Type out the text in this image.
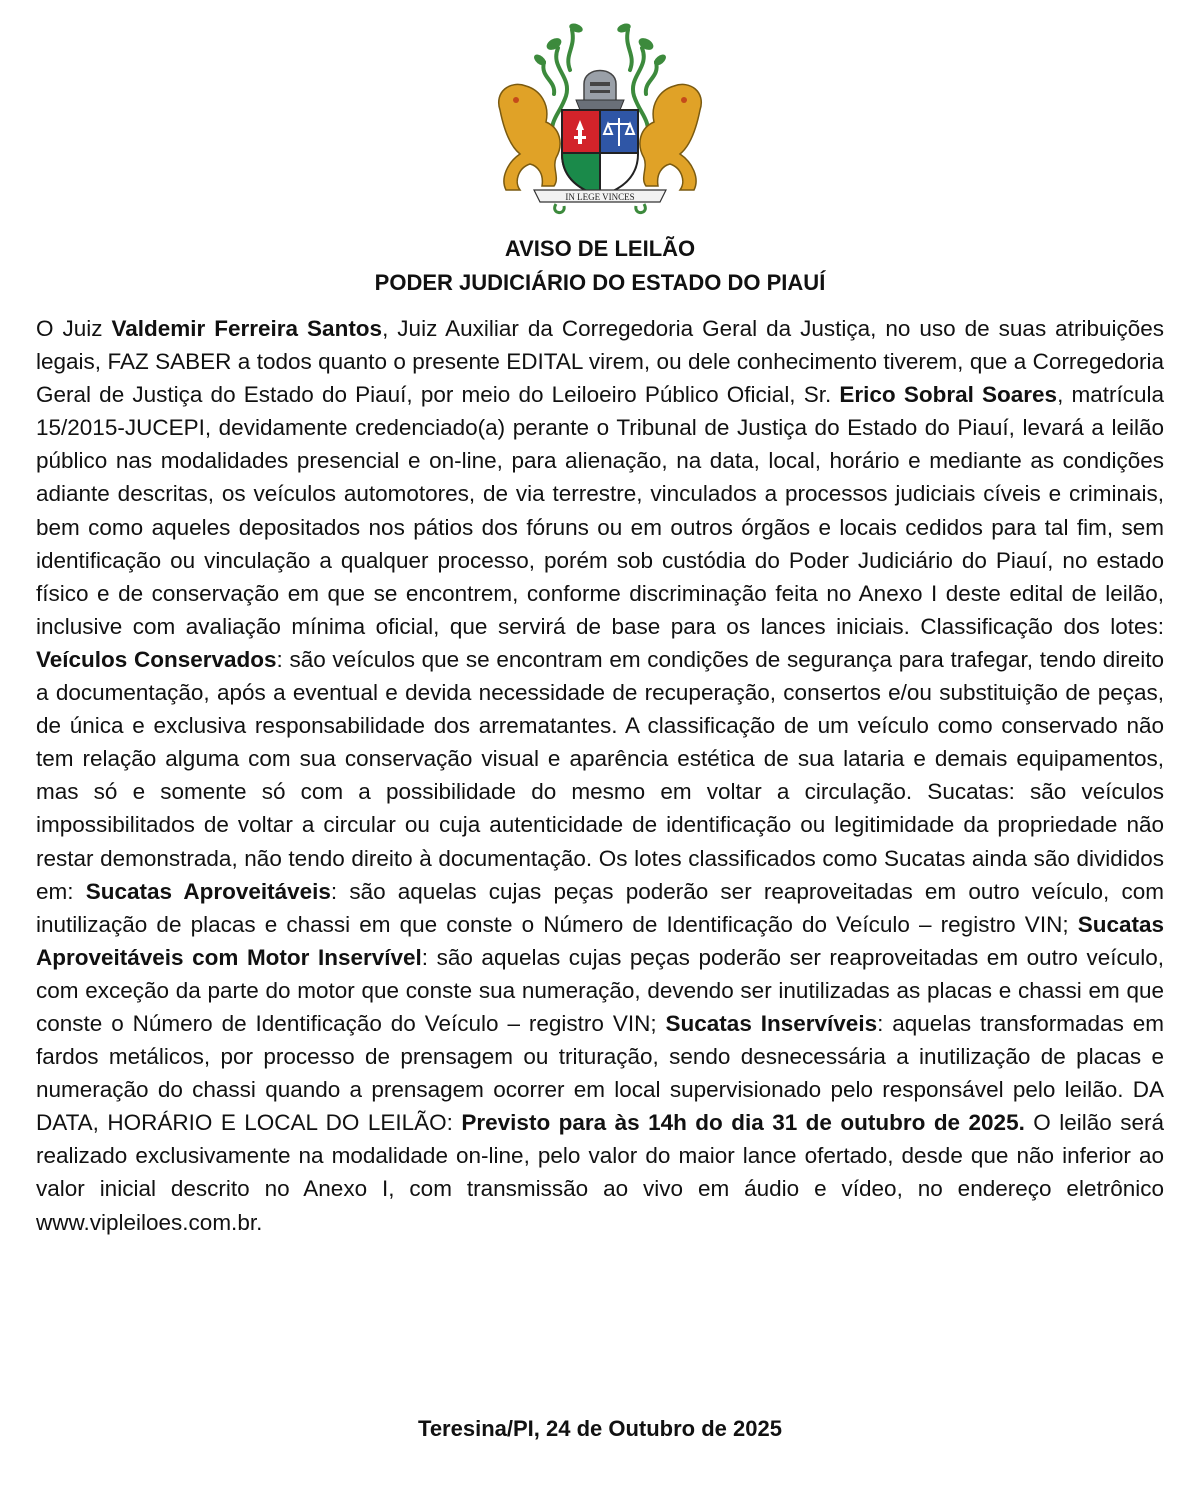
IN LEGE VINCES
AVISO DE LEILÃO
PODER JUDICIÁRIO DO ESTADO DO PIAUÍ
O Juiz Valdemir Ferreira Santos, Juiz Auxiliar da Corregedoria Geral da Justiça, no uso de suas atribuições legais, FAZ SABER a todos quanto o presente EDITAL virem, ou dele conhecimento tiverem, que a Corregedoria Geral de Justiça do Estado do Piauí, por meio do Leiloeiro Público Oficial, Sr. Erico Sobral Soares, matrícula 15/2015-JUCEPI, devidamente credenciado(a) perante o Tribunal de Justiça do Estado do Piauí, levará a leilão público nas modalidades presencial e on-line, para alienação, na data, local, horário e mediante as condições adiante descritas, os veículos automotores, de via terrestre, vinculados a processos judiciais cíveis e criminais, bem como aqueles depositados nos pátios dos fóruns ou em outros órgãos e locais cedidos para tal fim, sem identificação ou vinculação a qualquer processo, porém sob custódia do Poder Judiciário do Piauí, no estado físico e de conservação em que se encontrem, conforme discriminação feita no Anexo I deste edital de leilão, inclusive com avaliação mínima oficial, que servirá de base para os lances iniciais. Classificação dos lotes: Veículos Conservados: são veículos que se encontram em condições de segurança para trafegar, tendo direito a documentação, após a eventual e devida necessidade de recuperação, consertos e/ou substituição de peças, de única e exclusiva responsabilidade dos arrematantes. A classificação de um veículo como conservado não tem relação alguma com sua conservação visual e aparência estética de sua lataria e demais equipamentos, mas só e somente só com a possibilidade do mesmo em voltar a circulação. Sucatas: são veículos impossibilitados de voltar a circular ou cuja autenticidade de identificação ou legitimidade da propriedade não restar demonstrada, não tendo direito à documentação. Os lotes classificados como Sucatas ainda são divididos em: Sucatas Aproveitáveis: são aquelas cujas peças poderão ser reaproveitadas em outro veículo, com inutilização de placas e chassi em que conste o Número de Identificação do Veículo – registro VIN; Sucatas Aproveitáveis com Motor Inservível: são aquelas cujas peças poderão ser reaproveitadas em outro veículo, com exceção da parte do motor que conste sua numeração, devendo ser inutilizadas as placas e chassi em que conste o Número de Identificação do Veículo – registro VIN; Sucatas Inservíveis: aquelas transformadas em fardos metálicos, por processo de prensagem ou trituração, sendo desnecessária a inutilização de placas e numeração do chassi quando a prensagem ocorrer em local supervisionado pelo responsável pelo leilão. DA DATA, HORÁRIO E LOCAL DO LEILÃO: Previsto para às 14h do dia 31 de outubro de 2025. O leilão será realizado exclusivamente na modalidade on-line, pelo valor do maior lance ofertado, desde que não inferior ao valor inicial descrito no Anexo I, com transmissão ao vivo em áudio e vídeo, no endereço eletrônico www.vipleiloes.com.br.
Teresina/PI, 24 de Outubro de 2025
